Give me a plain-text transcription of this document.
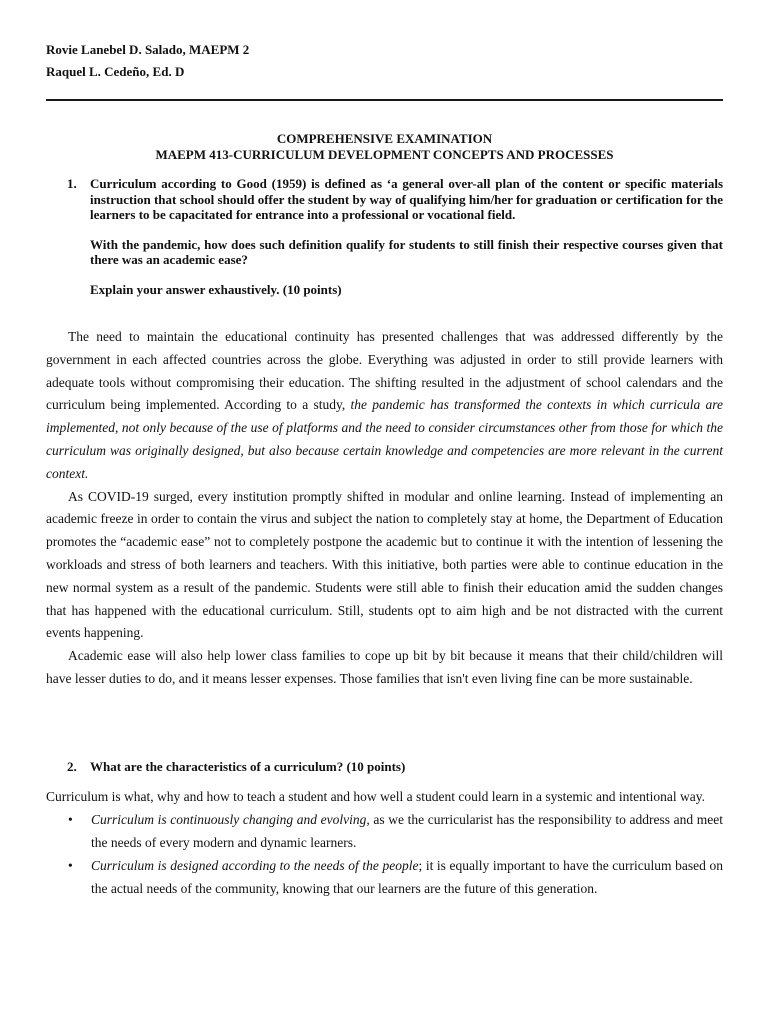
Rovie Lanebel D. Salado, MAEPM 2
Raquel L. Cedeño, Ed. D
COMPREHENSIVE EXAMINATION
MAEPM 413-CURRICULUM DEVELOPMENT CONCEPTS AND PROCESSES
1. Curriculum according to Good (1959) is defined as ‘a general over-all plan of the content or specific materials instruction that school should offer the student by way of qualifying him/her for graduation or certification for the learners to be capacitated for entrance into a professional or vocational field.
With the pandemic, how does such definition qualify for students to still finish their respective courses given that there was an academic ease?
Explain your answer exhaustively. (10 points)

The need to maintain the educational continuity has presented challenges that was addressed differently by the government in each affected countries across the globe. Everything was adjusted in order to still provide learners with adequate tools without compromising their education. The shifting resulted in the adjustment of school calendars and the curriculum being implemented. According to a study, the pandemic has transformed the contexts in which curricula are implemented, not only because of the use of platforms and the need to consider circumstances other from those for which the curriculum was originally designed, but also because certain knowledge and competencies are more relevant in the current context.

As COVID-19 surged, every institution promptly shifted in modular and online learning. Instead of implementing an academic freeze in order to contain the virus and subject the nation to completely stay at home, the Department of Education promotes the “academic ease” not to completely postpone the academic but to continue it with the intention of lessening the workloads and stress of both learners and teachers. With this initiative, both parties were able to continue education in the new normal system as a result of the pandemic. Students were still able to finish their education amid the sudden changes that has happened with the educational curriculum. Still, students opt to aim high and be not distracted with the current events happening.

Academic ease will also help lower class families to cope up bit by bit because it means that their child/children will have lesser duties to do, and it means lesser expenses. Those families that isn't even living fine can be more sustainable.

2. What are the characteristics of a curriculum? (10 points)

Curriculum is what, why and how to teach a student and how well a student could learn in a systemic and intentional way.

• Curriculum is continuously changing and evolving, as we the curricularist has the responsibility to address and meet the needs of every modern and dynamic learners.
• Curriculum is designed according to the needs of the people; it is equally important to have the curriculum based on the actual needs of the community, knowing that our learners are the future of this generation.
